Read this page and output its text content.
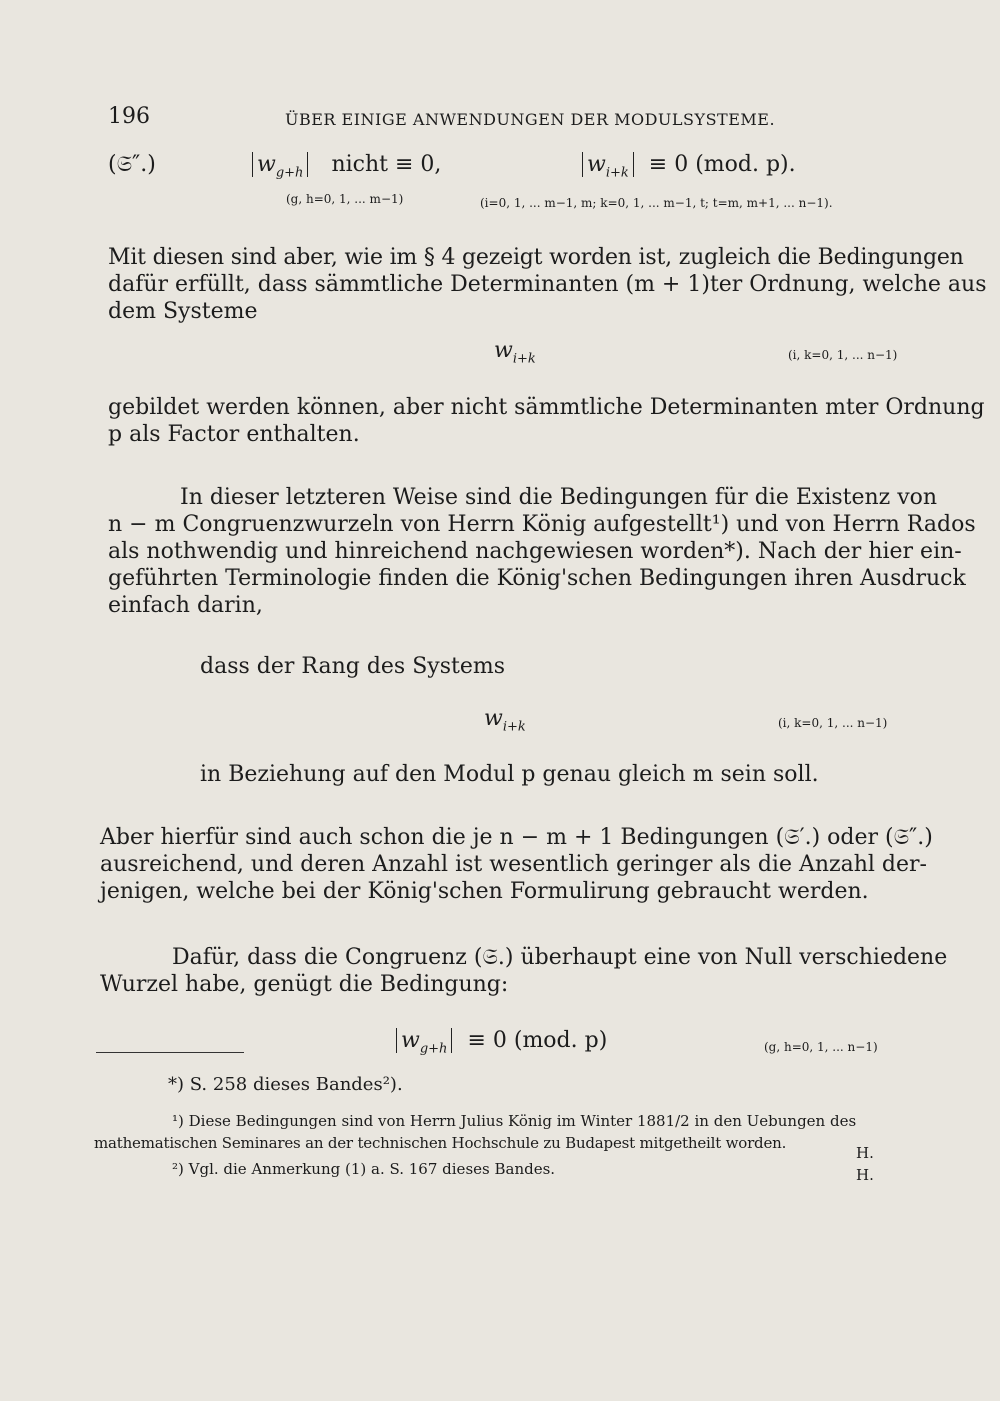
196	ÜBER EINIGE ANWENDUNGEN DER MODULSYSTEME.
(𝔖″.)	$w_{g+h}$ nicht ≡ 0,
(g, h=0, 1, ... m−1)
$w_{i+k} \equiv 0$ (mod. p).
(i=0, 1, ... m−1, m; k=0, 1, ... m−1, t; t=m, m+1, ... n−1).
Mit diesen sind aber, wie im § 4 gezeigt worden ist, zugleich die Bedingungen
dafür erfüllt, dass sämmtliche Determinanten (m + 1)ter Ordnung, welche aus
dem Systeme
$w_{i+k}$	(i, k=0, 1, ... n−1)
gebildet werden können, aber nicht sämmtliche Determinanten mter Ordnung
p als Factor enthalten.
In dieser letzteren Weise sind die Bedingungen für die Existenz von
n − m Congruenzwurzeln von Herrn König aufgestellt¹) und von Herrn Rados
als nothwendig und hinreichend nachgewiesen worden*). Nach der hier ein-
geführten Terminologie finden die König'schen Bedingungen ihren Ausdruck
einfach darin,
dass der Rang des Systems
$w_{i+k}$	(i, k=0, 1, ... n−1)
in Beziehung auf den Modul p genau gleich m sein soll.
Aber hierfür sind auch schon die je n − m + 1 Bedingungen (𝔖′.) oder (𝔖″.)
ausreichend, und deren Anzahl ist wesentlich geringer als die Anzahl der-
jenigen, welche bei der König'schen Formulirung gebraucht werden.
Dafür, dass die Congruenz (𝔖.) überhaupt eine von Null verschiedene
Wurzel habe, genügt die Bedingung:
$w_{g+h} \equiv 0$ (mod. p)	(g, h=0, 1, ... n−1)
*) S. 258 dieses Bandes²).
¹) Diese Bedingungen sind von Herrn Julius König im Winter 1881/2 in den Uebungen des
mathematischen Seminares an der technischen Hochschule zu Budapest mitgetheilt worden.
H.
²) Vgl. die Anmerkung (1) a. S. 167 dieses Bandes.	H.
